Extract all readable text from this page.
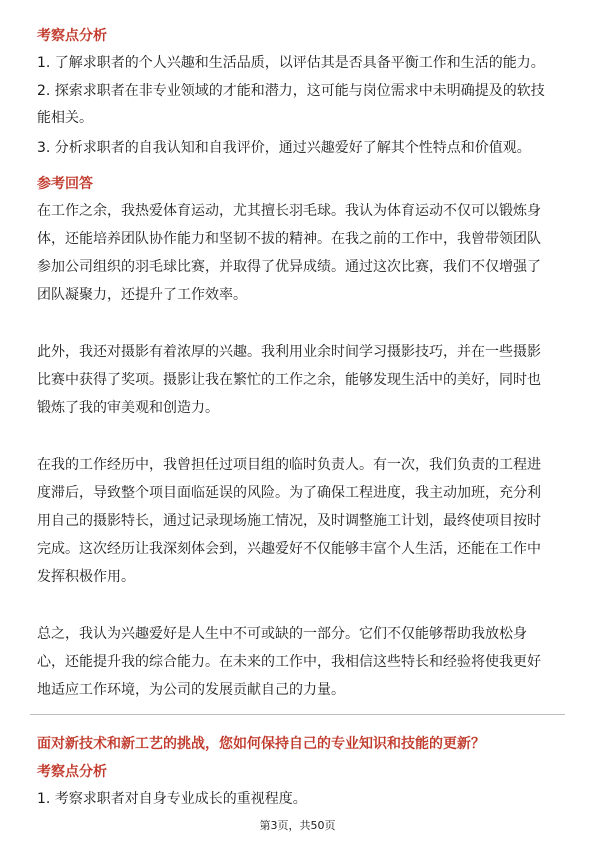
考察点分析
1. 了解求职者的个人兴趣和生活品质，以评估其是否具备平衡工作和生活的能力。
2. 探索求职者在非专业领域的才能和潜力，这可能与岗位需求中未明确提及的软技
能相关。
3. 分析求职者的自我认知和自我评价，通过兴趣爱好了解其个性特点和价值观。
参考回答
在工作之余，我热爱体育运动，尤其擅长羽毛球。我认为体育运动不仅可以锻炼身
体，还能培养团队协作能力和坚韧不拔的精神。在我之前的工作中，我曾带领团队
参加公司组织的羽毛球比赛，并取得了优异成绩。通过这次比赛，我们不仅增强了
团队凝聚力，还提升了工作效率。
此外，我还对摄影有着浓厚的兴趣。我利用业余时间学习摄影技巧，并在一些摄影
比赛中获得了奖项。摄影让我在繁忙的工作之余，能够发现生活中的美好，同时也
锻炼了我的审美观和创造力。
在我的工作经历中，我曾担任过项目组的临时负责人。有一次，我们负责的工程进
度滞后，导致整个项目面临延误的风险。为了确保工程进度，我主动加班，充分利
用自己的摄影特长，通过记录现场施工情况，及时调整施工计划，最终使项目按时
完成。这次经历让我深刻体会到，兴趣爱好不仅能够丰富个人生活，还能在工作中
发挥积极作用。
总之，我认为兴趣爱好是人生中不可或缺的一部分。它们不仅能够帮助我放松身
心，还能提升我的综合能力。在未来的工作中，我相信这些特长和经验将使我更好
地适应工作环境，为公司的发展贡献自己的力量。
面对新技术和新工艺的挑战，您如何保持自己的专业知识和技能的更新？
考察点分析
1. 考察求职者对自身专业成长的重视程度。
第3页，共50页
